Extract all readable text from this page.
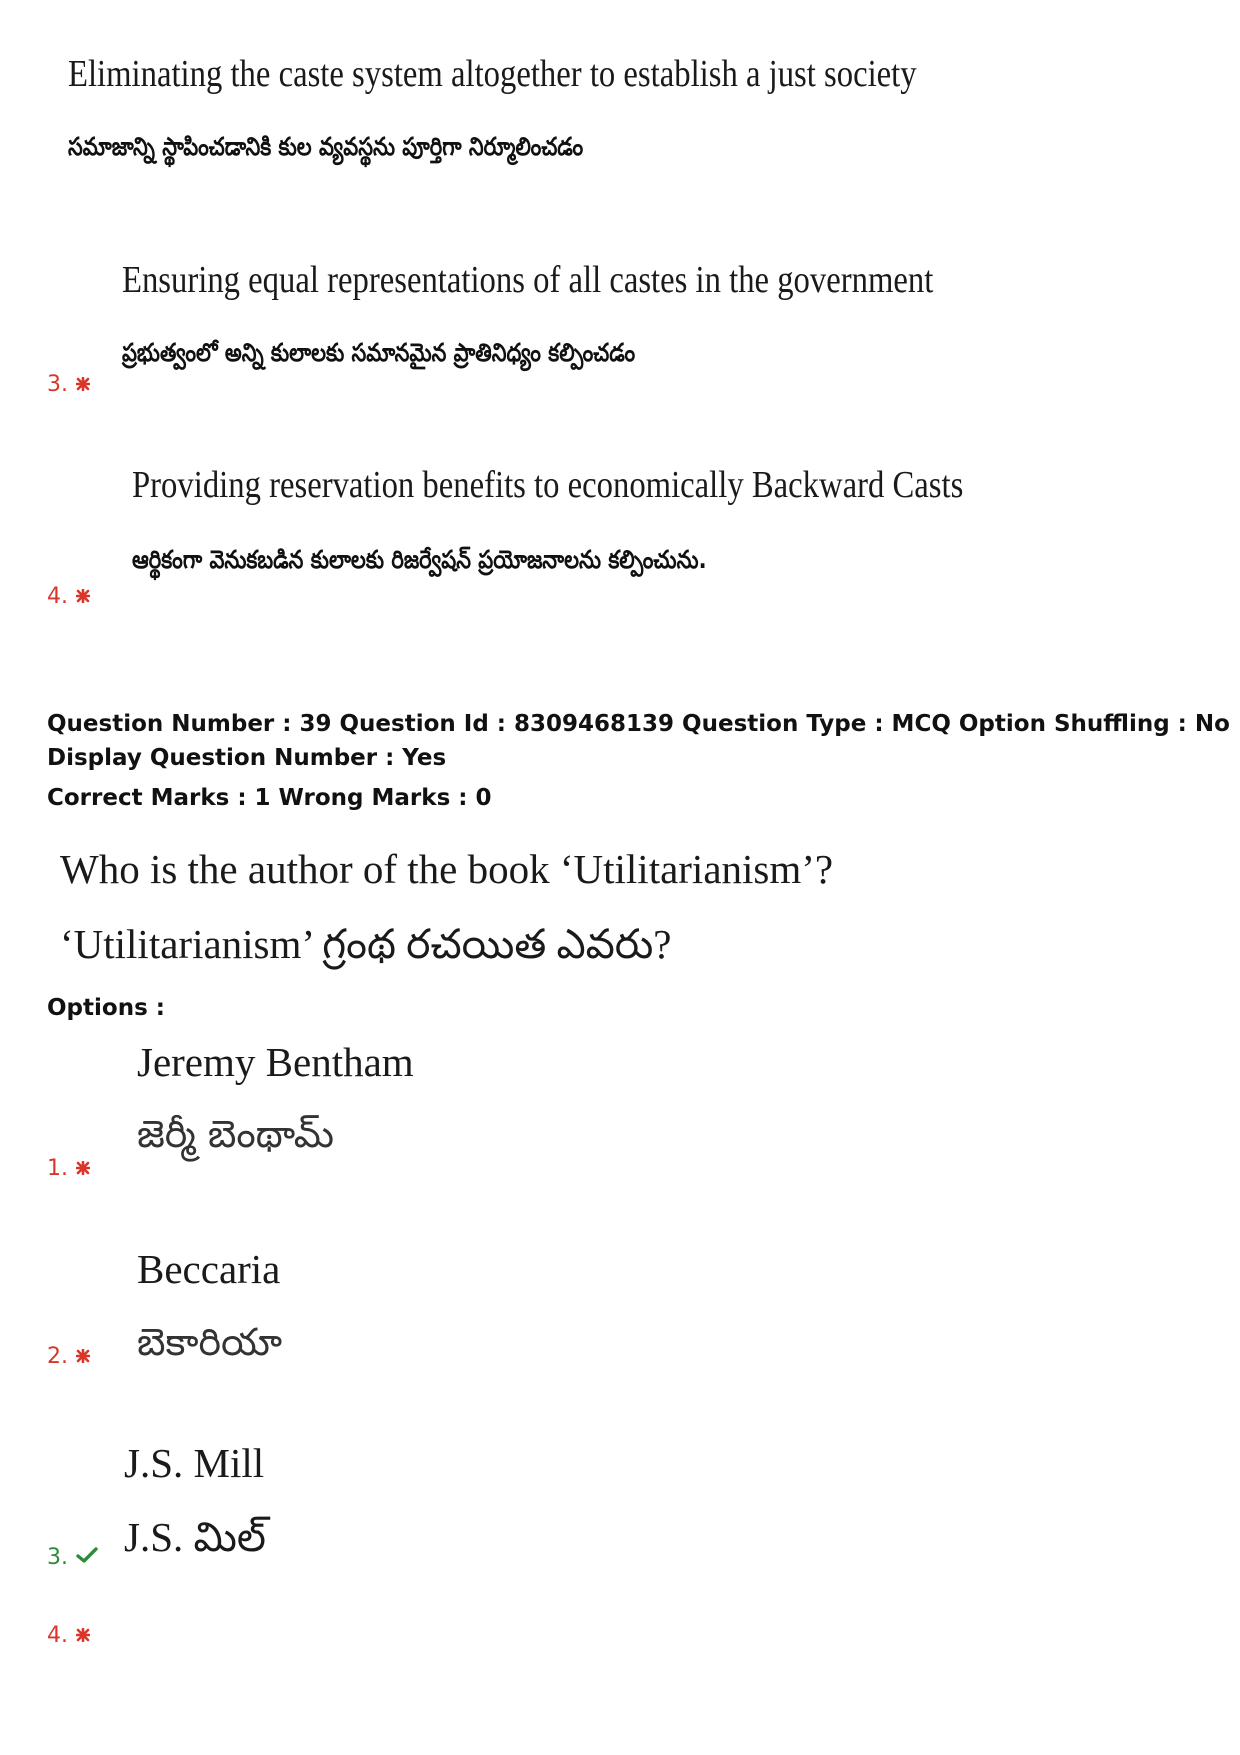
Eliminating the caste system altogether to establish a just society
సమాజాన్ని స్థాపించడానికి కుల వ్యవస్థను పూర్తిగా నిర్మూలించడం
Ensuring equal representations of all castes in the government
ప్రభుత్వంలో అన్ని కులాలకు సమానమైన ప్రాతినిధ్యం కల్పించడం
3.
Providing reservation benefits to economically Backward Casts
ఆర్థికంగా వెనుకబడిన కులాలకు రిజర్వేషన్ ప్రయోజనాలను కల్పించును.
4.
Question Number : 39 Question Id : 8309468139 Question Type : MCQ Option Shuffling : No
Display Question Number : Yes
Correct Marks : 1 Wrong Marks : 0
Who is the author of the book ‘Utilitarianism’?
‘Utilitarianism’ గ్రంథ రచయిత ఎవరు?
Options :
Jeremy Bentham
జెర్మీ బెంథామ్
1.
Beccaria
బెకారియా
2.
J.S. Mill
J.S. మిల్
3.
4.
